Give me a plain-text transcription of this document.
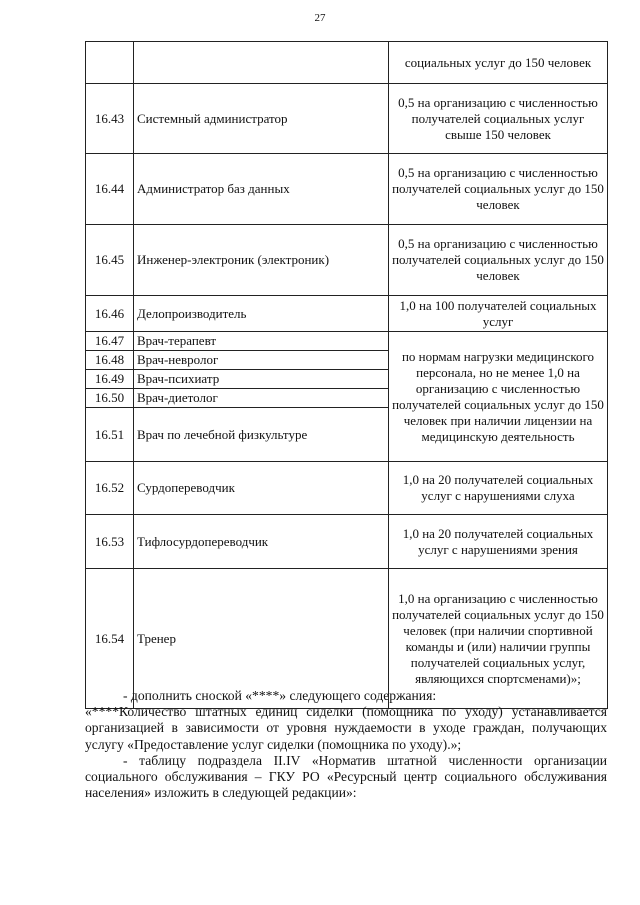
27
		социальных услуг до 150 человек
16.43	Системный администратор	0,5 на организацию с численностью получателей социальных услуг свыше 150 человек
16.44	Администратор баз данных	0,5 на организацию с численностью получателей социальных услуг до 150 человек
16.45	Инженер-электроник (электроник)	0,5 на организацию с численностью получателей социальных услуг до 150 человек
16.46	Делопроизводитель	1,0 на 100 получателей социальных услуг
16.47	Врач-терапевт	по нормам нагрузки медицинского персонала, но не менее 1,0 на организацию с численностью получателей социальных услуг до 150 человек при наличии лицензии на медицинскую деятельность
16.48	Врач-невролог	
16.49	Врач-психиатр	
16.50	Врач-диетолог	
16.51	Врач по лечебной физкультуре	
16.52	Сурдопереводчик	1,0 на 20 получателей социальных услуг с нарушениями слуха
16.53	Тифлосурдопереводчик	1,0 на 20 получателей социальных услуг с нарушениями зрения
16.54	Тренер	1,0 на организацию с численностью получателей социальных услуг до 150 человек (при наличии спортивной команды и (или) наличии группы получателей социальных услуг, являющихся спортсменами)»;

- дополнить сноской «****» следующего содержания:

«****Количество штатных единиц сиделки (помощника по уходу) устанавливается организацией в зависимости от уровня нуждаемости в уходе граждан, получающих услугу «Предоставление услуг сиделки (помощника по уходу).»;

- таблицу подраздела II.IV «Норматив штатной численности организации социального обслуживания – ГКУ РО «Ресурсный центр социального обслуживания населения» изложить в следующей редакции»:
